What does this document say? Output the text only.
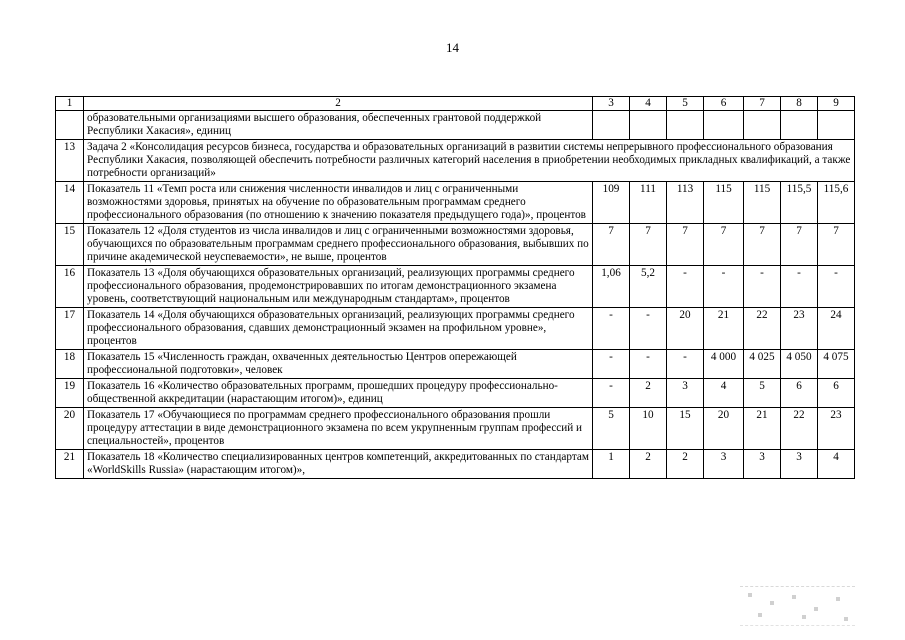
14
1	2	3	4	5	6	7	8	9
	образовательными организациями высшего образования, обеспеченных грантовой поддержкой Республики Хакасия», единиц							
13	Задача 2 «Консолидация ресурсов бизнеса, государства и образовательных организаций в развитии системы непрерывного профессионального образования Республики Хакасия, позволяющей обеспечить потребности различных категорий населения в приобретении необходимых прикладных квалификаций, а также потребности организаций»							
14	Показатель 11 «Темп роста или снижения численности инвалидов и лиц с ограниченными возможностями здоровья, принятых на обучение по образовательным программам среднего профессионального образования (по отношению к значению показателя предыдущего года)», процентов	109	111	113	115	115	115,5	115,6
15	Показатель 12 «Доля студентов из числа инвалидов и лиц с ограниченными возможностями здоровья, обучающихся по образовательным программам среднего профессионального образования, выбывших по причине академической неуспеваемости», не выше, процентов	7	7	7	7	7	7	7
16	Показатель 13 «Доля обучающихся образовательных организаций, реализующих программы среднего профессионального образования, продемонстрировавших по итогам демонстрационного экзамена уровень, соответствующий национальным или международным стандартам», процентов	1,06	5,2	-	-	-	-	-
17	Показатель 14 «Доля обучающихся образовательных организаций, реализующих программы среднего профессионального образования, сдавших демонстрационный экзамен на профильном уровне», процентов	-	-	20	21	22	23	24
18	Показатель 15 «Численность граждан, охваченных деятельностью Центров опережающей профессиональной подготовки», человек	-	-	-	4 000	4 025	4 050	4 075
19	Показатель 16 «Количество образовательных программ, прошедших процедуру профессионально-общественной аккредитации (нарастающим итогом)», единиц	-	2	3	4	5	6	6
20	Показатель 17 «Обучающиеся по программам среднего профессионального образования прошли процедуру аттестации в виде демонстрационного экзамена по всем укрупненным группам профессий и специальностей», процентов	5	10	15	20	21	22	23
21	Показатель 18 «Количество специализированных центров компетенций, аккредитованных по стандартам «WorldSkills Russia» (нарастающим итогом)»,	1	2	2	3	3	3	4
